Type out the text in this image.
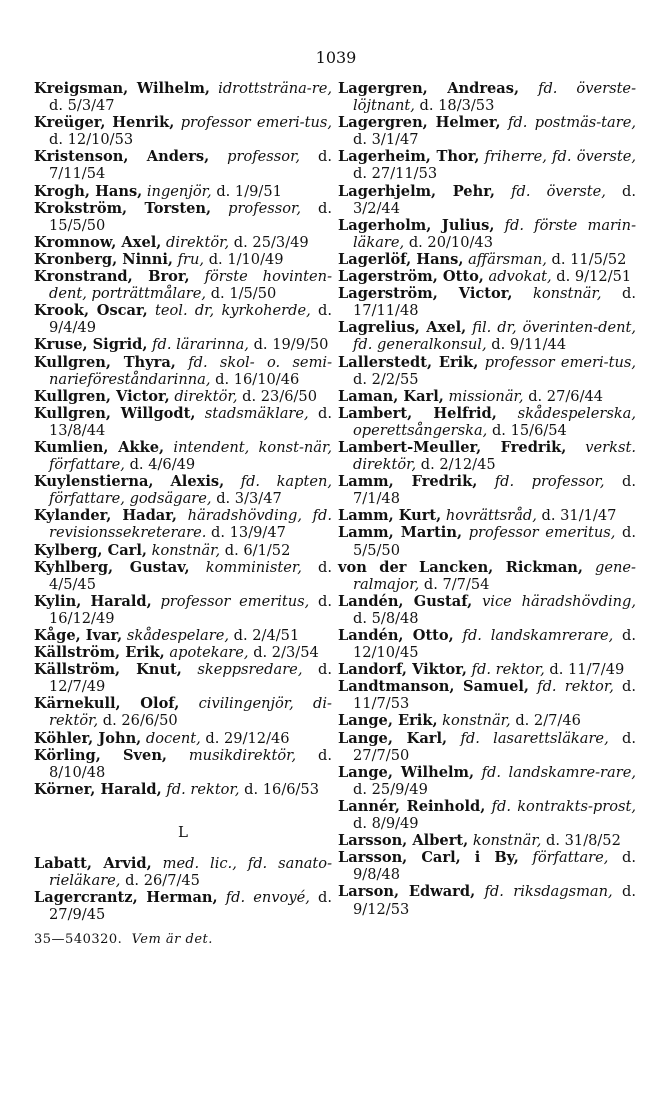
1039
Kreigsman, Wilhelm, idrottsträna-re, d. 5/3/47
Kreüger, Henrik, professor emeri-tus, d. 12/10/53
Kristenson, Anders, professor, d. 7/11/54
Krogh, Hans, ingenjör, d. 1/9/51
Krokström, Torsten, professor, d. 15/5/50
Kromnow, Axel, direktör, d. 25/3/49
Kronberg, Ninni, fru, d. 1/10/49
Kronstrand, Bror, förste hovinten-dent, porträttmålare, d. 1/5/50
Krook, Oscar, teol. dr, kyrkoherde, d. 9/4/49
Kruse, Sigrid, fd. lärarinna, d. 19/9/50
Kullgren, Thyra, fd. skol- o. semi-narieföreståndarinna, d. 16/10/46
Kullgren, Victor, direktör, d. 23/6/50
Kullgren, Willgodt, stadsmäklare, d. 13/8/44
Kumlien, Akke, intendent, konst-när, författare, d. 4/6/49
Kuylenstierna, Alexis, fd. kapten, författare, godsägare, d. 3/3/47
Kylander, Hadar, häradshövding, fd. revisionssekreterare. d. 13/9/47
Kylberg, Carl, konstnär, d. 6/1/52
Kyhlberg, Gustav, komminister, d. 4/5/45
Kylin, Harald, professor emeritus, d. 16/12/49
Kåge, Ivar, skådespelare, d. 2/4/51
Källström, Erik, apotekare, d. 2/3/54
Källström, Knut, skeppsredare, d. 12/7/49
Kärnekull, Olof, civilingenjör, di-rektör, d. 26/6/50
Köhler, John, docent, d. 29/12/46
Körling, Sven, musikdirektör, d. 8/10/48
Körner, Harald, fd. rektor, d. 16/6/53
L
Labatt, Arvid, med. lic., fd. sanato-rieläkare, d. 26/7/45
Lagercrantz, Herman, fd. envoyé, d. 27/9/45
35—540320. Vem är det.
Lagergren, Andreas, fd. överste-löjtnant, d. 18/3/53
Lagergren, Helmer, fd. postmäs-tare, d. 3/1/47
Lagerheim, Thor, friherre, fd. överste, d. 27/11/53
Lagerhjelm, Pehr, fd. överste, d. 3/2/44
Lagerholm, Julius, fd. förste marin-läkare, d. 20/10/43
Lagerlöf, Hans, affärsman, d. 11/5/52
Lagerström, Otto, advokat, d. 9/12/51
Lagerström, Victor, konstnär, d. 17/11/48
Lagrelius, Axel, fil. dr, överinten-dent, fd. generalkonsul, d. 9/11/44
Lallerstedt, Erik, professor emeri-tus, d. 2/2/55
Laman, Karl, missionär, d. 27/6/44
Lambert, Helfrid, skådespelerska, operettsångerska, d. 15/6/54
Lambert-Meuller, Fredrik, verkst. direktör, d. 2/12/45
Lamm, Fredrik, fd. professor, d. 7/1/48
Lamm, Kurt, hovrättsråd, d. 31/1/47
Lamm, Martin, professor emeritus, d. 5/5/50
von der Lancken, Rickman, gene-ralmajor, d. 7/7/54
Landén, Gustaf, vice häradshövding, d. 5/8/48
Landén, Otto, fd. landskamrerare, d. 12/10/45
Landorf, Viktor, fd. rektor, d. 11/7/49
Landtmanson, Samuel, fd. rektor, d. 11/7/53
Lange, Erik, konstnär, d. 2/7/46
Lange, Karl, fd. lasarettsläkare, d. 27/7/50
Lange, Wilhelm, fd. landskamre-rare, d. 25/9/49
Lannér, Reinhold, fd. kontrakts-prost, d. 8/9/49
Larsson, Albert, konstnär, d. 31/8/52
Larsson, Carl, i By, författare, d. 9/8/48
Larson, Edward, fd. riksdagsman, d. 9/12/53
